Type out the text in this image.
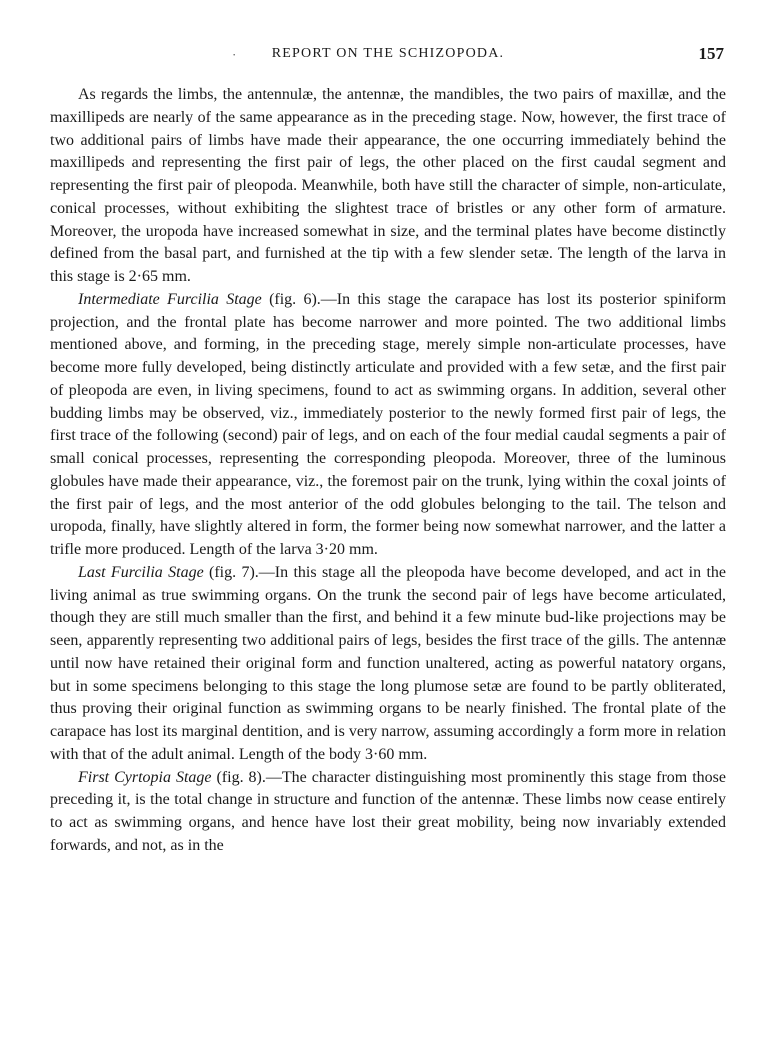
·	REPORT ON THE SCHIZOPODA.	157

As regards the limbs, the antennulæ, the antennæ, the mandibles, the two pairs of maxillæ, and the maxillipeds are nearly of the same appearance as in the preceding stage. Now, however, the first trace of two additional pairs of limbs have made their appearance, the one occurring immediately behind the maxillipeds and representing the first pair of legs, the other placed on the first caudal segment and representing the first pair of pleopoda. Meanwhile, both have still the character of simple, non-articulate, conical processes, without exhibiting the slightest trace of bristles or any other form of armature. Moreover, the uropoda have increased somewhat in size, and the terminal plates have become distinctly defined from the basal part, and furnished at the tip with a few slender setæ. The length of the larva in this stage is 2·65 mm.

Intermediate Furcilia Stage (fig. 6).—In this stage the carapace has lost its posterior spiniform projection, and the frontal plate has become narrower and more pointed. The two additional limbs mentioned above, and forming, in the preceding stage, merely simple non-articulate processes, have become more fully developed, being distinctly articulate and provided with a few setæ, and the first pair of pleopoda are even, in living specimens, found to act as swimming organs. In addition, several other budding limbs may be observed, viz., immediately posterior to the newly formed first pair of legs, the first trace of the following (second) pair of legs, and on each of the four medial caudal segments a pair of small conical processes, representing the corresponding pleopoda. Moreover, three of the luminous globules have made their appearance, viz., the foremost pair on the trunk, lying within the coxal joints of the first pair of legs, and the most anterior of the odd globules belonging to the tail. The telson and uropoda, finally, have slightly altered in form, the former being now somewhat narrower, and the latter a trifle more produced. Length of the larva 3·20 mm.

Last Furcilia Stage (fig. 7).—In this stage all the pleopoda have become developed, and act in the living animal as true swimming organs. On the trunk the second pair of legs have become articulated, though they are still much smaller than the first, and behind it a few minute bud-like projections may be seen, apparently representing two additional pairs of legs, besides the first trace of the gills. The antennæ until now have retained their original form and function unaltered, acting as powerful natatory organs, but in some specimens belonging to this stage the long plumose setæ are found to be partly obliterated, thus proving their original function as swimming organs to be nearly finished. The frontal plate of the carapace has lost its marginal dentition, and is very narrow, assuming accordingly a form more in relation with that of the adult animal. Length of the body 3·60 mm.

First Cyrtopia Stage (fig. 8).—The character distinguishing most prominently this stage from those preceding it, is the total change in structure and function of the antennæ. These limbs now cease entirely to act as swimming organs, and hence have lost their great mobility, being now invariably extended forwards, and not, as in the
